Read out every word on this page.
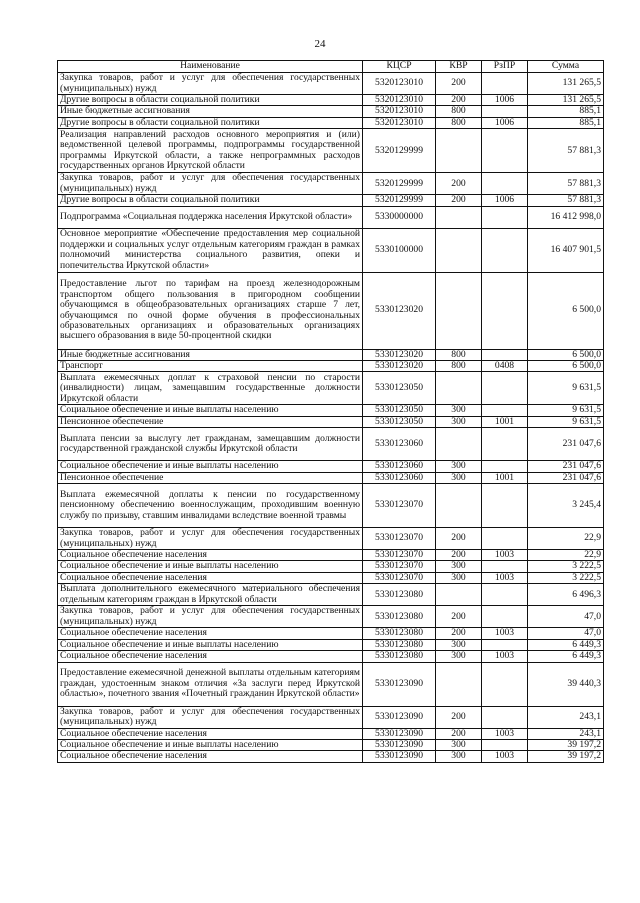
24
Наименование	КЦСР	КВР	РзПР	Сумма
Закупка товаров, работ и услуг для обеспечения государственных (муниципальных) нужд	5320123010	200		131 265,5
Другие вопросы в области социальной политики	5320123010	200	1006	131 265,5
Иные бюджетные ассигнования	5320123010	800		885,1
Другие вопросы в области социальной политики	5320123010	800	1006	885,1
Реализация направлений расходов основного мероприятия и (или) ведомственной целевой программы, подпрограммы государственной программы Иркутской области, а также непрограммных расходов государственных органов Иркутской области	5320129999			57 881,3
Закупка товаров, работ и услуг для обеспечения государственных (муниципальных) нужд	5320129999	200		57 881,3
Другие вопросы в области социальной политики	5320129999	200	1006	57 881,3
Подпрограмма «Социальная поддержка населения Иркутской области»	5330000000			16 412 998,0
Основное мероприятие «Обеспечение предоставления мер социальной поддержки и социальных услуг отдельным категориям граждан в рамках полномочий министерства социального развития, опеки и попечительства Иркутской области»	5330100000			16 407 901,5
Предоставление льгот по тарифам на проезд железнодорожным транспортом общего пользования в пригородном сообщении обучающимся в общеобразовательных организациях старше 7 лет, обучающимся по очной форме обучения в профессиональных образовательных организациях и образовательных организациях высшего образования в виде 50-процентной скидки	5330123020			6 500,0
Иные бюджетные ассигнования	5330123020	800		6 500,0
Транспорт	5330123020	800	0408	6 500,0
Выплата ежемесячных доплат к страховой пенсии по старости (инвалидности) лицам, замещавшим государственные должности Иркутской области	5330123050			9 631,5
Социальное обеспечение и иные выплаты населению	5330123050	300		9 631,5
Пенсионное обеспечение	5330123050	300	1001	9 631,5
Выплата пенсии за выслугу лет гражданам, замещавшим должности государственной гражданской службы Иркутской области	5330123060			231 047,6
Социальное обеспечение и иные выплаты населению	5330123060	300		231 047,6
Пенсионное обеспечение	5330123060	300	1001	231 047,6
Выплата ежемесячной доплаты к пенсии по государственному пенсионному обеспечению военнослужащим, проходившим военную службу по призыву, ставшим инвалидами вследствие военной травмы	5330123070			3 245,4
Закупка товаров, работ и услуг для обеспечения государственных (муниципальных) нужд	5330123070	200		22,9
Социальное обеспечение населения	5330123070	200	1003	22,9
Социальное обеспечение и иные выплаты населению	5330123070	300		3 222,5
Социальное обеспечение населения	5330123070	300	1003	3 222,5
Выплата дополнительного ежемесячного материального обеспечения отдельным категориям граждан в Иркутской области	5330123080			6 496,3
Закупка товаров, работ и услуг для обеспечения государственных (муниципальных) нужд	5330123080	200		47,0
Социальное обеспечение населения	5330123080	200	1003	47,0
Социальное обеспечение и иные выплаты населению	5330123080	300		6 449,3
Социальное обеспечение населения	5330123080	300	1003	6 449,3
Предоставление ежемесячной денежной выплаты отдельным категориям граждан, удостоенным знаком отличия «За заслуги перед Иркутской областью», почетного звания «Почетный гражданин Иркутской области»	5330123090			39 440,3
Закупка товаров, работ и услуг для обеспечения государственных (муниципальных) нужд	5330123090	200		243,1
Социальное обеспечение населения	5330123090	200	1003	243,1
Социальное обеспечение и иные выплаты населению	5330123090	300		39 197,2
Социальное обеспечение населения	5330123090	300	1003	39 197,2
